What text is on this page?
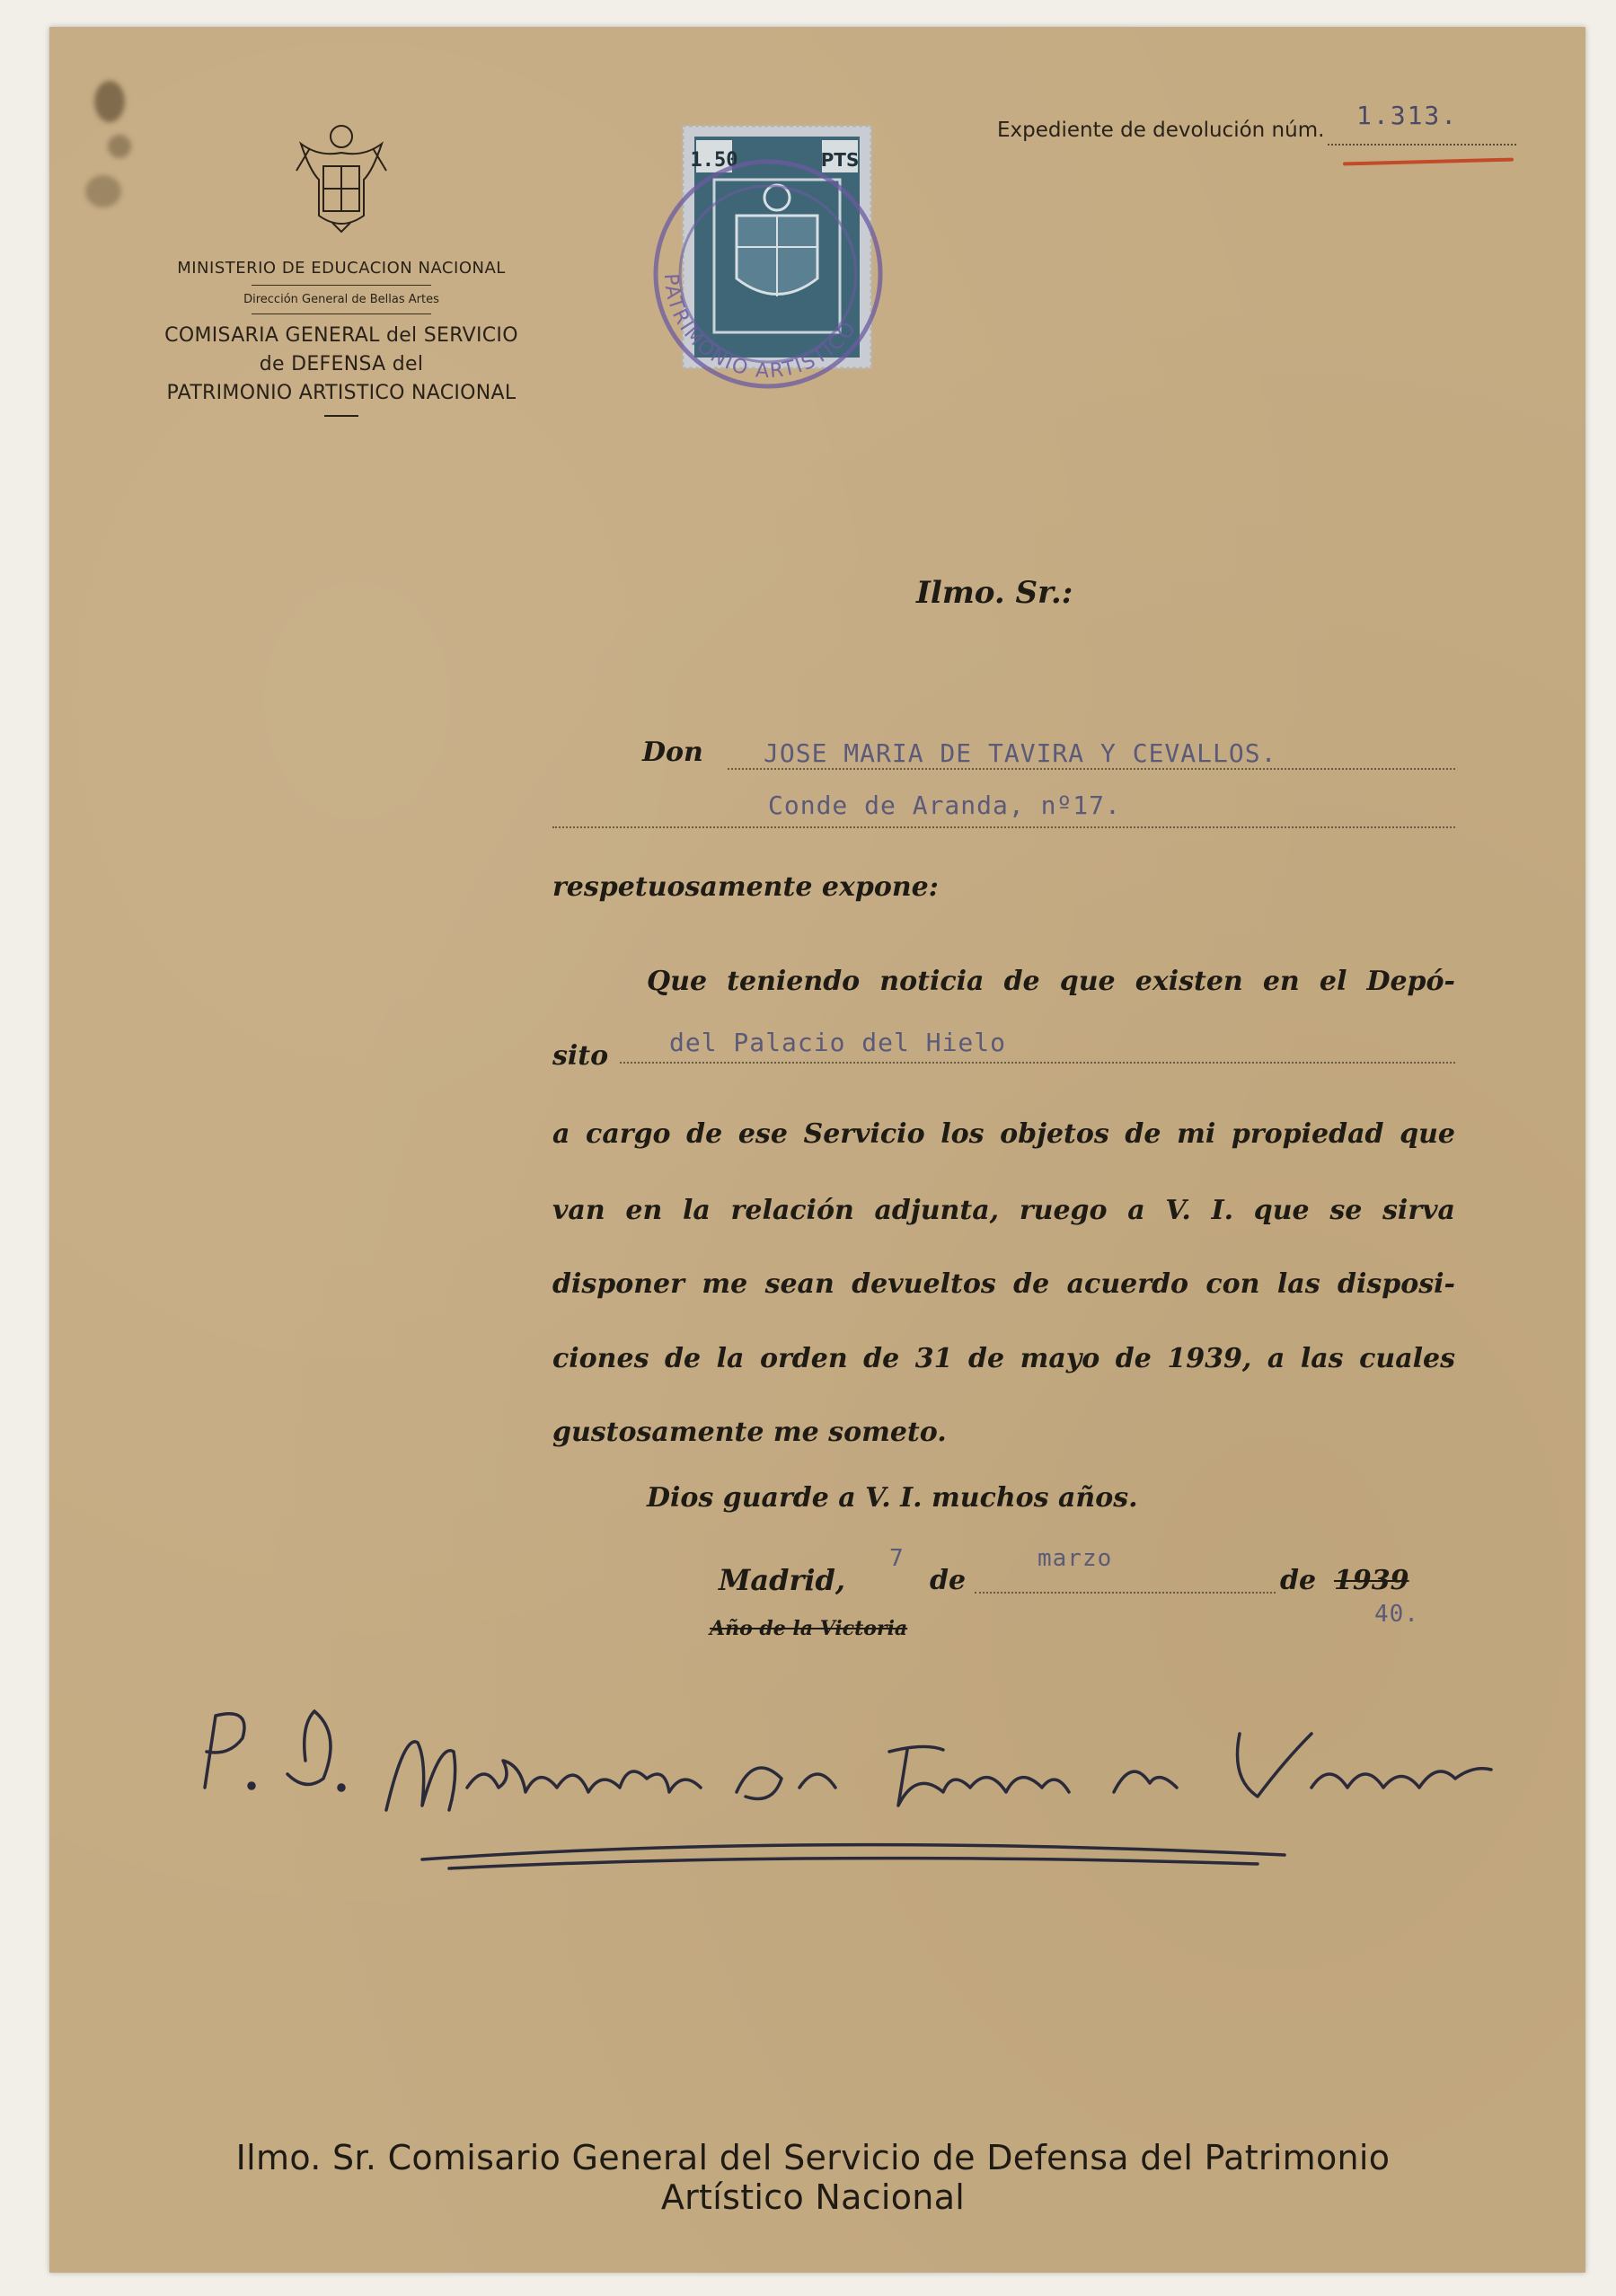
MINISTERIO DE EDUCACION NACIONAL
Dirección General de Bellas Artes
COMISARIA GENERAL del SERVICIO
de DEFENSA del
PATRIMONIO ARTISTICO NACIONAL
1.50	PTS
PATRIMONIO ARTISTICO
Expediente de devolución núm. 1.313.
Ilmo. Sr.:
Don JOSE MARIA DE TAVIRA Y CEVALLOS.
Conde de Aranda, nº17.
respetuosamente expone:
Que teniendo noticia de que existen en el Depó-
sito del Palacio del Hielo
a cargo de ese Servicio los objetos de mi propiedad que
van en la relación adjunta, ruego a V. I. que se sirva
disponer me sean devueltos de acuerdo con las disposi-
ciones de la orden de 31 de mayo de 1939, a las cuales
gustosamente me someto.
Dios guarde a V. I. muchos años.
Madrid,
7
de
marzo
de 1939
40.
Año de la Victoria
Ilmo. Sr. Comisario General del Servicio de Defensa del Patrimonio Artístico Nacional
